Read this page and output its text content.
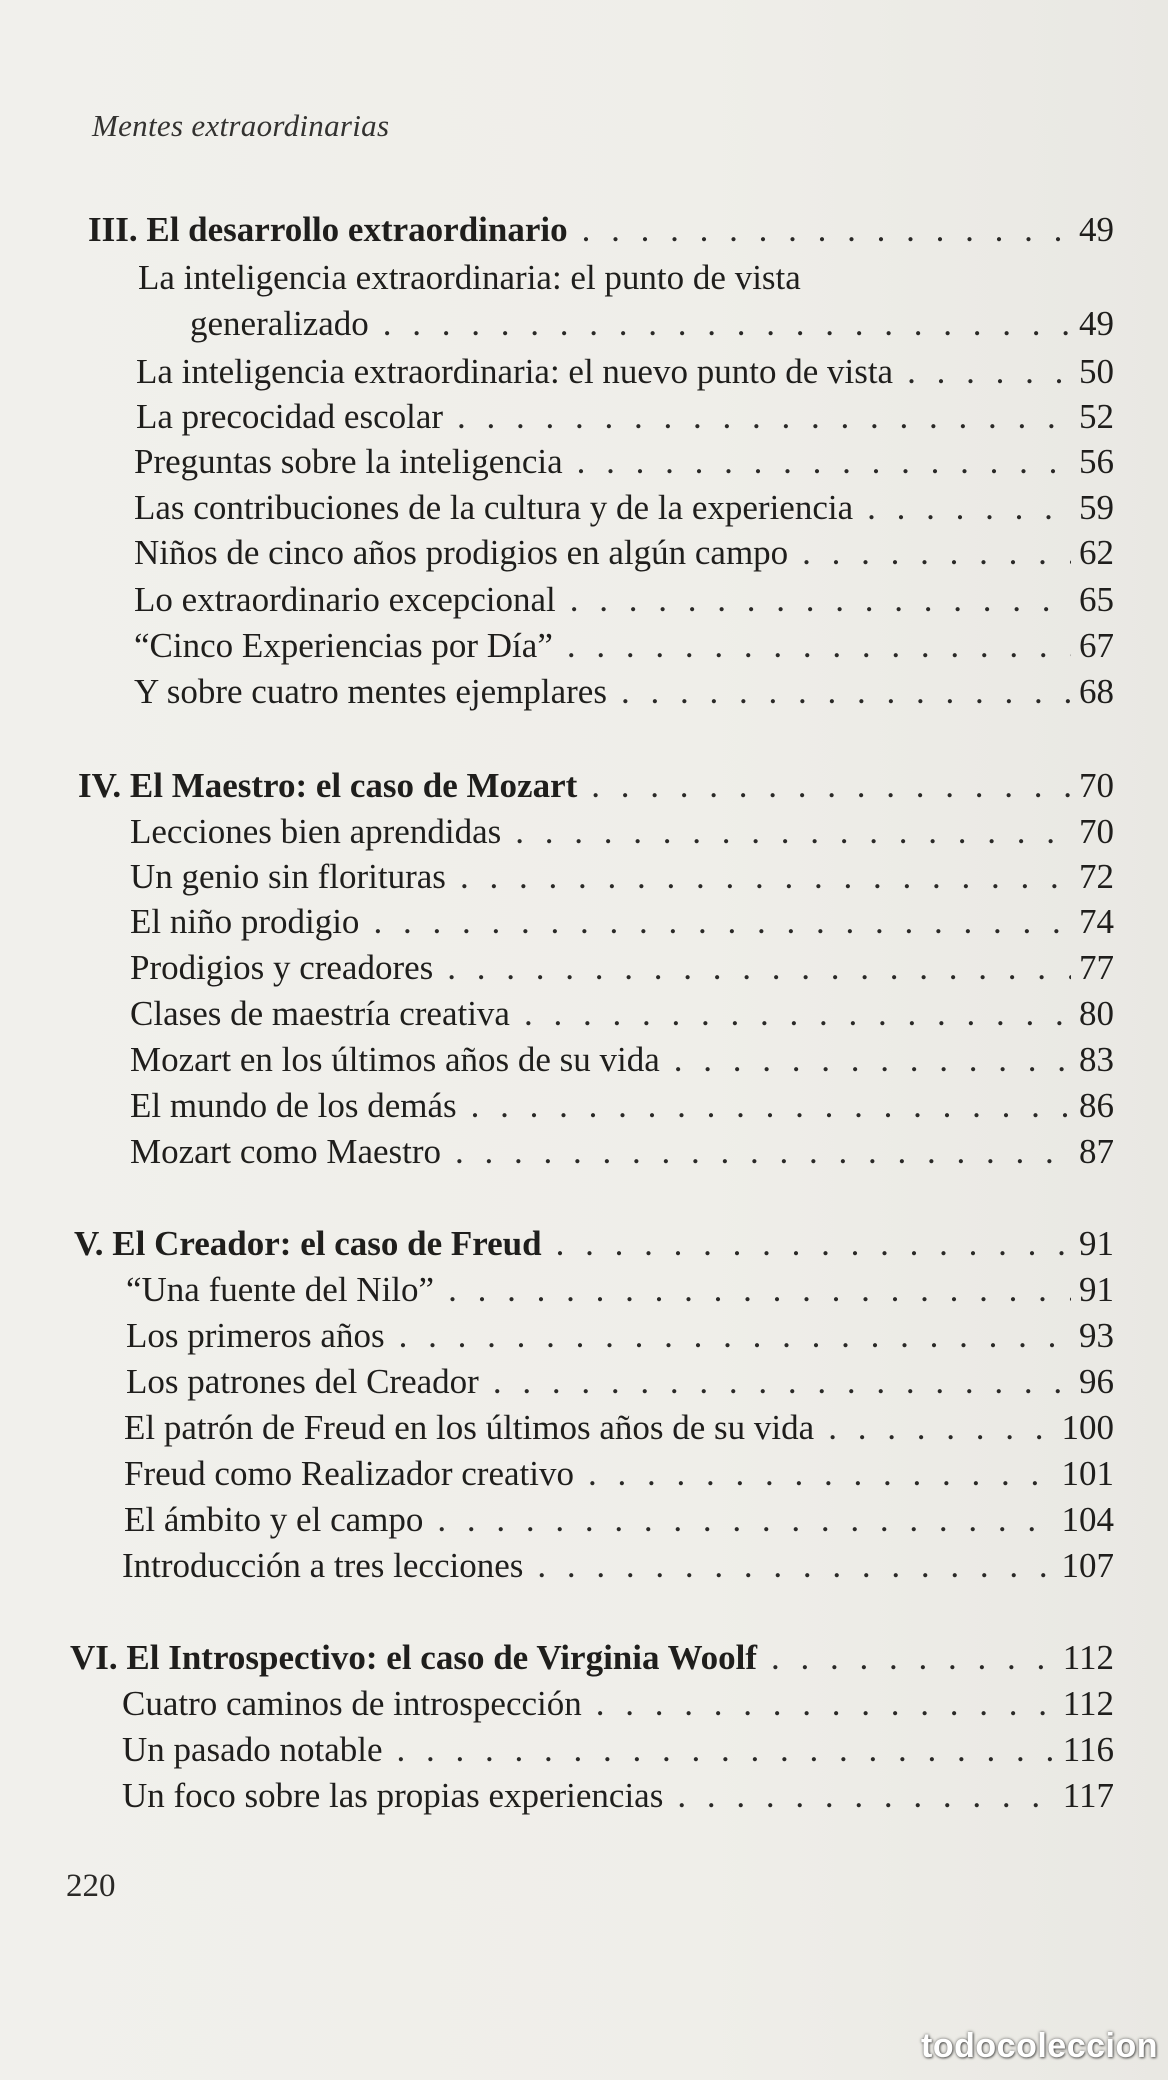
Mentes extraordinarias
III. El desarrollo extraordinario . . .	49
La inteligencia extraordinaria: el punto de vista
generalizado . . .	49
La inteligencia extraordinaria: el nuevo punto de vista . . .	50
La precocidad escolar . . .	52
Preguntas sobre la inteligencia . . .	56
Las contribuciones de la cultura y de la experiencia . . .	59
Niños de cinco años prodigios en algún campo . . .	62
Lo extraordinario excepcional . . .	65
“Cinco Experiencias por Día” . . .	67
Y sobre cuatro mentes ejemplares . . .	68
IV. El Maestro: el caso de Mozart . . .	70
Lecciones bien aprendidas . . .	70
Un genio sin florituras . . .	72
El niño prodigio . . .	74
Prodigios y creadores . . .	77
Clases de maestría creativa . . .	80
Mozart en los últimos años de su vida . . .	83
El mundo de los demás . . .	86
Mozart como Maestro . . .	87
V. El Creador: el caso de Freud . . .	91
“Una fuente del Nilo” . . .	91
Los primeros años . . .	93
Los patrones del Creador . . .	96
El patrón de Freud en los últimos años de su vida . . .	100
Freud como Realizador creativo . . .	101
El ámbito y el campo . . .	104
Introducción a tres lecciones . . .	107
VI. El Introspectivo: el caso de Virginia Woolf . . .	112
Cuatro caminos de introspección . . .	112
Un pasado notable . . .	116
Un foco sobre las propias experiencias . . .	117
220
todocoleccion
